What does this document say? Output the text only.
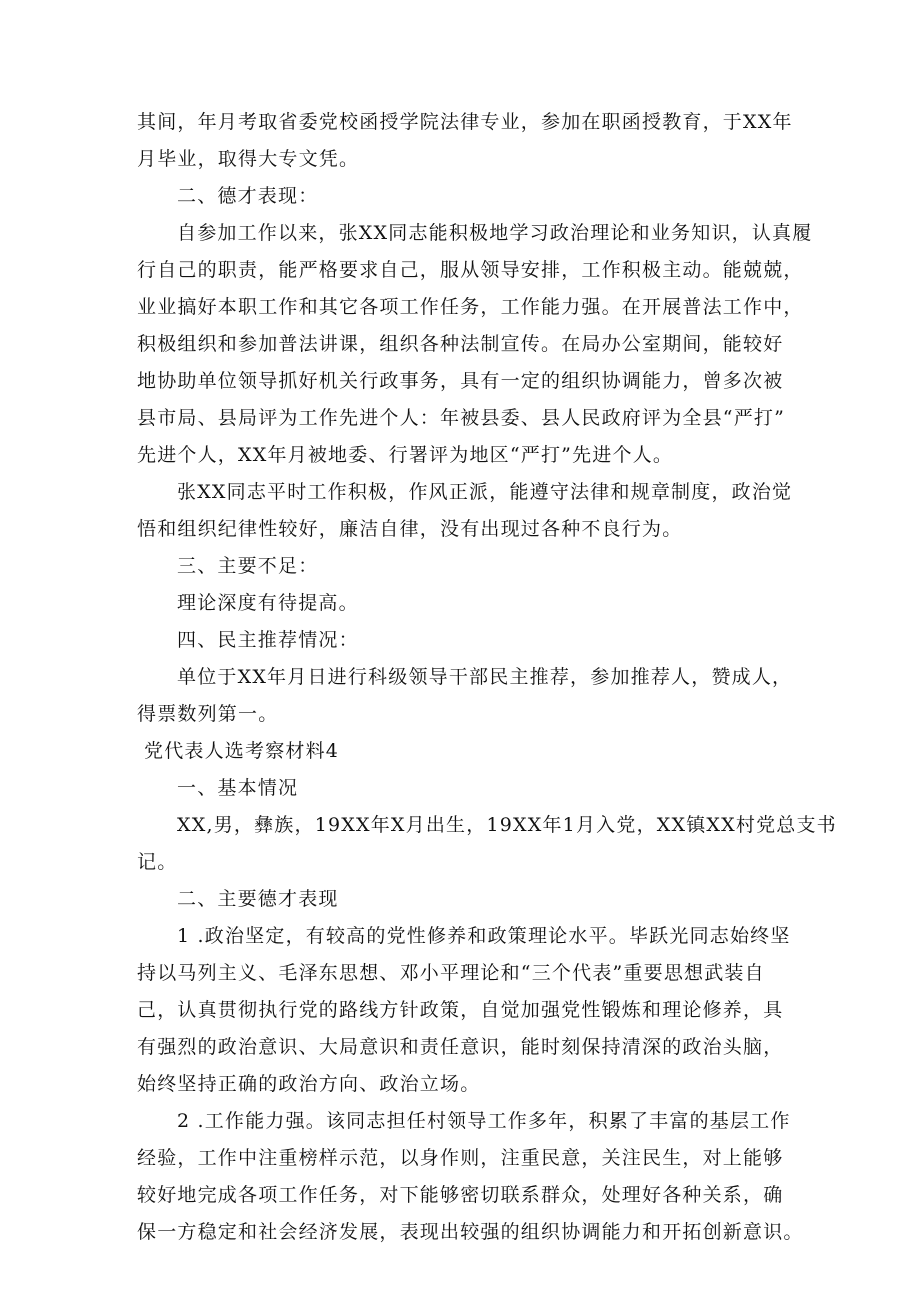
其间，年月考取省委党校函授学院法律专业，参加在职函授教育，于XX年
月毕业，取得大专文凭。
二、德才表现：
自参加工作以来，张XX同志能积极地学习政治理论和业务知识，认真履
行自己的职责，能严格要求自己，服从领导安排，工作积极主动。能兢兢，
业业搞好本职工作和其它各项工作任务，工作能力强。在开展普法工作中，
积极组织和参加普法讲课，组织各种法制宣传。在局办公室期间，能较好
地协助单位领导抓好机关行政事务，具有一定的组织协调能力，曾多次被
县市局、县局评为工作先进个人：年被县委、县人民政府评为全县“严打”
先进个人，XX年月被地委、行署评为地区“严打”先进个人。
张XX同志平时工作积极，作风正派，能遵守法律和规章制度，政治觉
悟和组织纪律性较好，廉洁自律，没有出现过各种不良行为。
三、主要不足：
理论深度有待提高。
四、民主推荐情况：
单位于XX年月日进行科级领导干部民主推荐，参加推荐人，赞成人，
得票数列第一。
党代表人选考察材料4
一、基本情况
XX,男，彝族，19XX年X月出生，19XX年1月入党，XX镇XX村党总支书
记。
二、主要德才表现
1 .政治坚定，有较高的党性修养和政策理论水平。毕跃光同志始终坚
持以马列主义、毛泽东思想、邓小平理论和“三个代表”重要思想武装自
己，认真贯彻执行党的路线方针政策，自觉加强党性锻炼和理论修养，具
有强烈的政治意识、大局意识和责任意识，能时刻保持清深的政治头脑，
始终坚持正确的政治方向、政治立场。
2 .工作能力强。该同志担任村领导工作多年，积累了丰富的基层工作
经验，工作中注重榜样示范，以身作则，注重民意，关注民生，对上能够
较好地完成各项工作任务，对下能够密切联系群众，处理好各种关系，确
保一方稳定和社会经济发展，表现出较强的组织协调能力和开拓创新意识。
